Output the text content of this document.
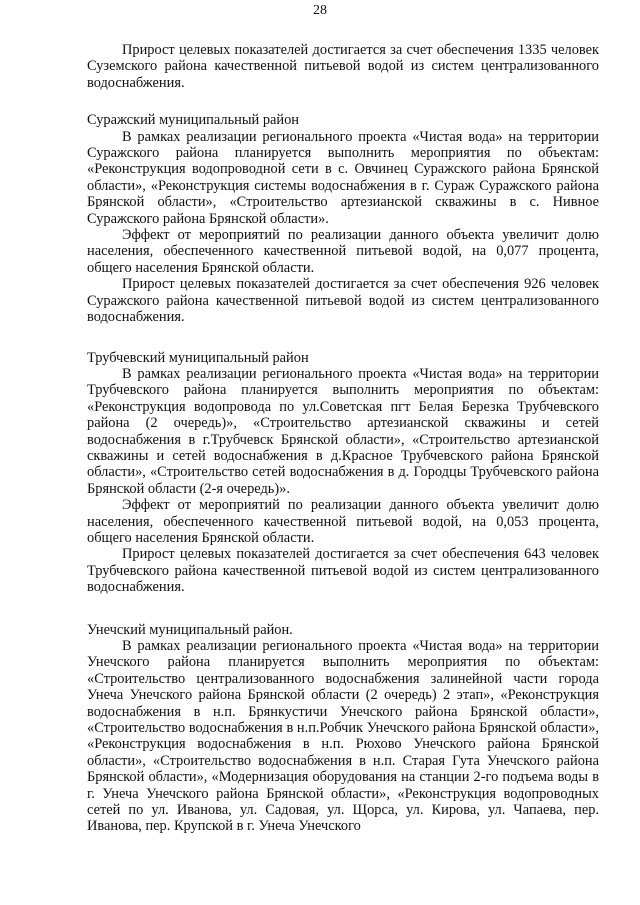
28

Прирост целевых показателей достигается за счет обеспечения 1335 человек Суземского района качественной питьевой водой из систем централизованного водоснабжения.

Суражский муниципальный район

В рамках реализации регионального проекта «Чистая вода» на территории Суражского района планируется выполнить мероприятия по объектам: «Реконструкция водопроводной сети в с. Овчинец Суражского района Брянской области», «Реконструкция системы водоснабжения в г. Сураж Суражского района Брянской области», «Строительство артезианской скважины в с. Нивное Суражского района Брянской области».

Эффект от мероприятий по реализации данного объекта увеличит долю населения, обеспеченного качественной питьевой водой, на 0,077 процента, общего населения Брянской области.

Прирост целевых показателей достигается за счет обеспечения 926 человек Суражского района качественной питьевой водой из систем централизованного водоснабжения.

Трубчевский муниципальный район

В рамках реализации регионального проекта «Чистая вода» на территории Трубчевского района планируется выполнить мероприятия по объектам: «Реконструкция водопровода по ул.Советская пгт Белая Березка Трубчевского района (2 очередь)», «Строительство артезианской скважины и сетей водоснабжения в г.Трубчевск Брянской области», «Строительство артезианской скважины и сетей водоснабжения в д.Красное Трубчевского района Брянской области», «Строительство сетей водоснабжения в д. Городцы Трубчевского района Брянской области (2-я очередь)».

Эффект от мероприятий по реализации данного объекта увеличит долю населения, обеспеченного качественной питьевой водой, на 0,053 процента, общего населения Брянской области.

Прирост целевых показателей достигается за счет обеспечения 643 человек Трубчевского района качественной питьевой водой из систем централизованного водоснабжения.

Унечский муниципальный район.

В рамках реализации регионального проекта «Чистая вода» на территории Унечского района планируется выполнить мероприятия по объектам: «Строительство централизованного водоснабжения залинейной части города Унеча Унечского района Брянской области (2 очередь) 2 этап», «Реконструкция водоснабжения в н.п. Брянкустичи Унечского района Брянской области», «Строительство водоснабжения в н.п.Робчик Унечского района Брянской области», «Реконструкция водоснабжения в н.п. Рюхово Унечского района Брянской области», «Строительство водоснабжения в н.п. Старая Гута Унечского района Брянской области», «Модернизация оборудования на станции 2-го подъема воды в г. Унеча Унечского района Брянской области», «Реконструкция водопроводных сетей по ул. Иванова, ул. Садовая, ул. Щорса, ул. Кирова, ул. Чапаева, пер. Иванова, пер. Крупской в г. Унеча Унечского
